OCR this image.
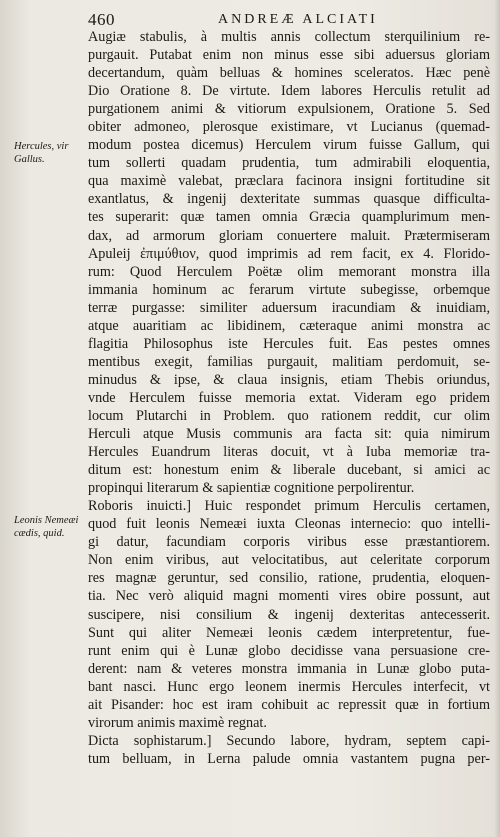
460	ANDREÆ ALCIATI
Hercules, vir Gallus.
Leonis Nemeæi cædis, quid.
Augiæ stabulis, à multis annis collectum sterquilinium re-
purgauit. Putabat enim non minus esse sibi aduersus gloriam
decertandum, quàm belluas & homines sceleratos. Hæc penè
Dio Oratione 8. De virtute. Idem labores Herculis retulit ad
purgationem animi & vitiorum expulsionem, Oratione 5. Sed
obiter admoneo, plerosque existimare, vt Lucianus (quemad-
modum postea dicemus) Herculem virum fuisse Gallum, qui
tum sollerti quadam prudentia, tum admirabili eloquentia,
qua maximè valebat, præclara facinora insigni fortitudine sit
exantlatus, & ingenij dexteritate summas quasque difficulta-
tes superarit: quæ tamen omnia Græcia quamplurimum men-
dax, ad armorum gloriam conuertere maluit. Prætermiseram
Apuleij ἐπιμύθιον, quod imprimis ad rem facit, ex 4. Florido-
rum: Quod Herculem Poëtæ olim memorant monstra illa
immania hominum ac ferarum virtute subegisse, orbemque
terræ purgasse: similiter aduersum iracundiam & inuidiam,
atque auaritiam ac libidinem, cæteraque animi monstra ac
flagitia Philosophus iste Hercules fuit. Eas pestes omnes
mentibus exegit, familias purgauit, malitiam perdomuit, se-
minudus & ipse, & claua insignis, etiam Thebis oriundus,
vnde Herculem fuisse memoria extat. Videram ego pridem
locum Plutarchi in Problem. quo rationem reddit, cur olim
Herculi atque Musis communis ara facta sit: quia nimirum
Hercules Euandrum literas docuit, vt à Iuba memoriæ tra-
ditum est: honestum enim & liberale ducebant, si amici ac
propinqui literarum & sapientiæ cognitione perpolirentur.
Roboris inuicti.] Huic respondet primum Herculis certamen,
quod fuit leonis Nemeæi iuxta Cleonas internecio: quo intelli-
gi datur, facundiam corporis viribus esse præstantiorem.
Non enim viribus, aut velocitatibus, aut celeritate corporum
res magnæ geruntur, sed consilio, ratione, prudentia, eloquen-
tia. Nec verò aliquid magni momenti vires obire possunt, aut
suscipere, nisi consilium & ingenij dexteritas antecesserit.
Sunt qui aliter Nemeæi leonis cædem interpretentur, fue-
runt enim qui è Lunæ globo decidisse vana persuasione cre-
derent: nam & veteres monstra immania in Lunæ globo puta-
bant nasci. Hunc ergo leonem inermis Hercules interfecit, vt
ait Pisander: hoc est iram cohibuit ac repressit quæ in fortium
virorum animis maximè regnat.
Dicta sophistarum.] Secundo labore, hydram, septem capi-
tum belluam, in Lerna palude omnia vastantem pugna per-
